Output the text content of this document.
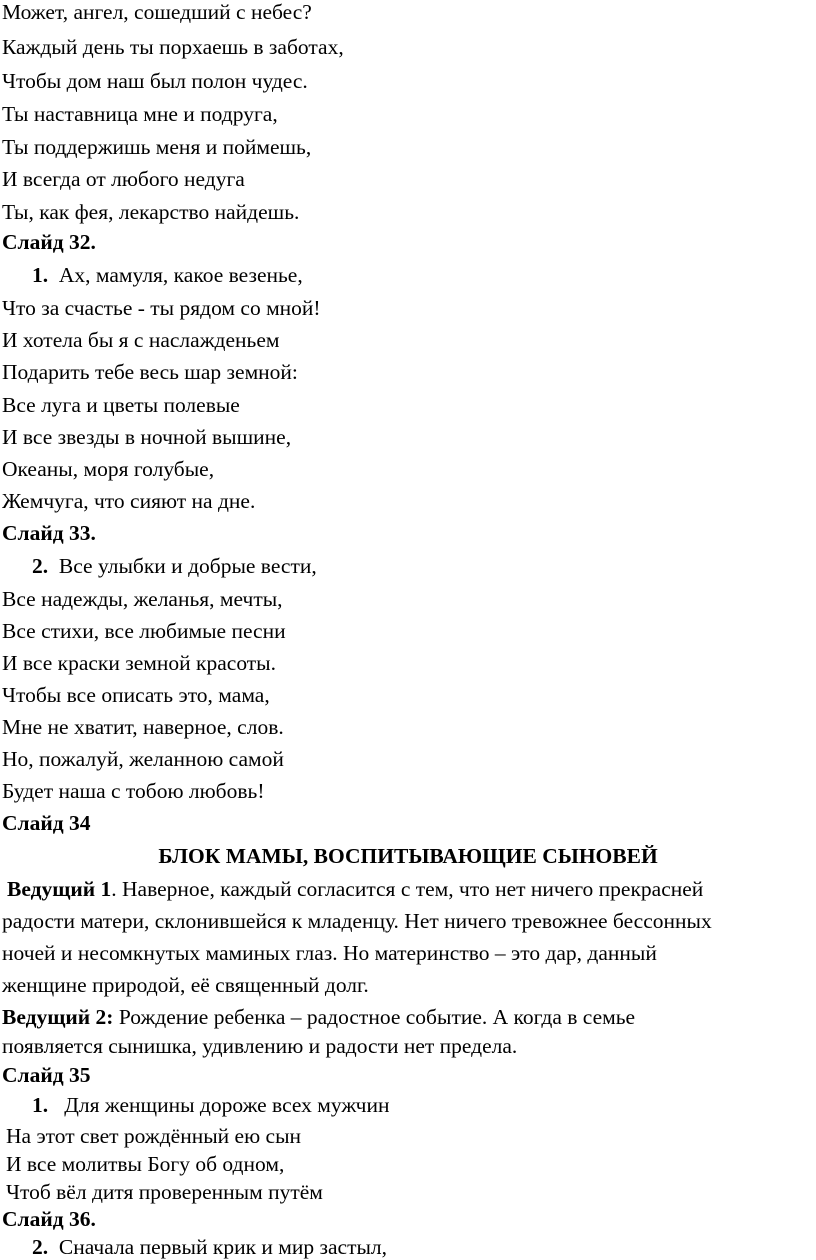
Может, ангел, сошедший с небес?
Каждый день ты порхаешь в заботах,
Чтобы дом наш был полон чудес.
Ты наставница мне и подруга,
Ты поддержишь меня и поймешь,
И всегда от любого недуга
Ты, как фея, лекарство найдешь.
Слайд 32.
1. Ах, мамуля, какое везенье,
Что за счастье - ты рядом со мной!
И хотела бы я с наслажденьем
Подарить тебе весь шар земной:
Все луга и цветы полевые
И все звезды в ночной вышине,
Океаны, моря голубые,
Жемчуга, что сияют на дне.
Слайд 33.
2. Все улыбки и добрые вести,
Все надежды, желанья, мечты,
Все стихи, все любимые песни
И все краски земной красоты.
Чтобы все описать это, мама,
Мне не хватит, наверное, слов.
Но, пожалуй, желанною самой
Будет наша с тобою любовь!
Слайд 34
БЛОК МАМЫ, ВОСПИТЫВАЮЩИЕ СЫНОВЕЙ
Ведущий 1. Наверное, каждый согласится с тем, что нет ничего прекрасней
радости матери, склонившейся к младенцу. Нет ничего тревожнее бессонных
ночей и несомкнутых маминых глаз. Но материнство – это дар, данный
женщине природой, её священный долг.
Ведущий 2: Рождение ребенка – радостное событие. А когда в семье
появляется сынишка, удивлению и радости нет предела.
Слайд 35
1. Для женщины дороже всех мужчин
На этот свет рождённый ею сын
И все молитвы Богу об одном,
Чтоб вёл дитя проверенным путём
Слайд 36.
2. Сначала первый крик и мир застыл,
